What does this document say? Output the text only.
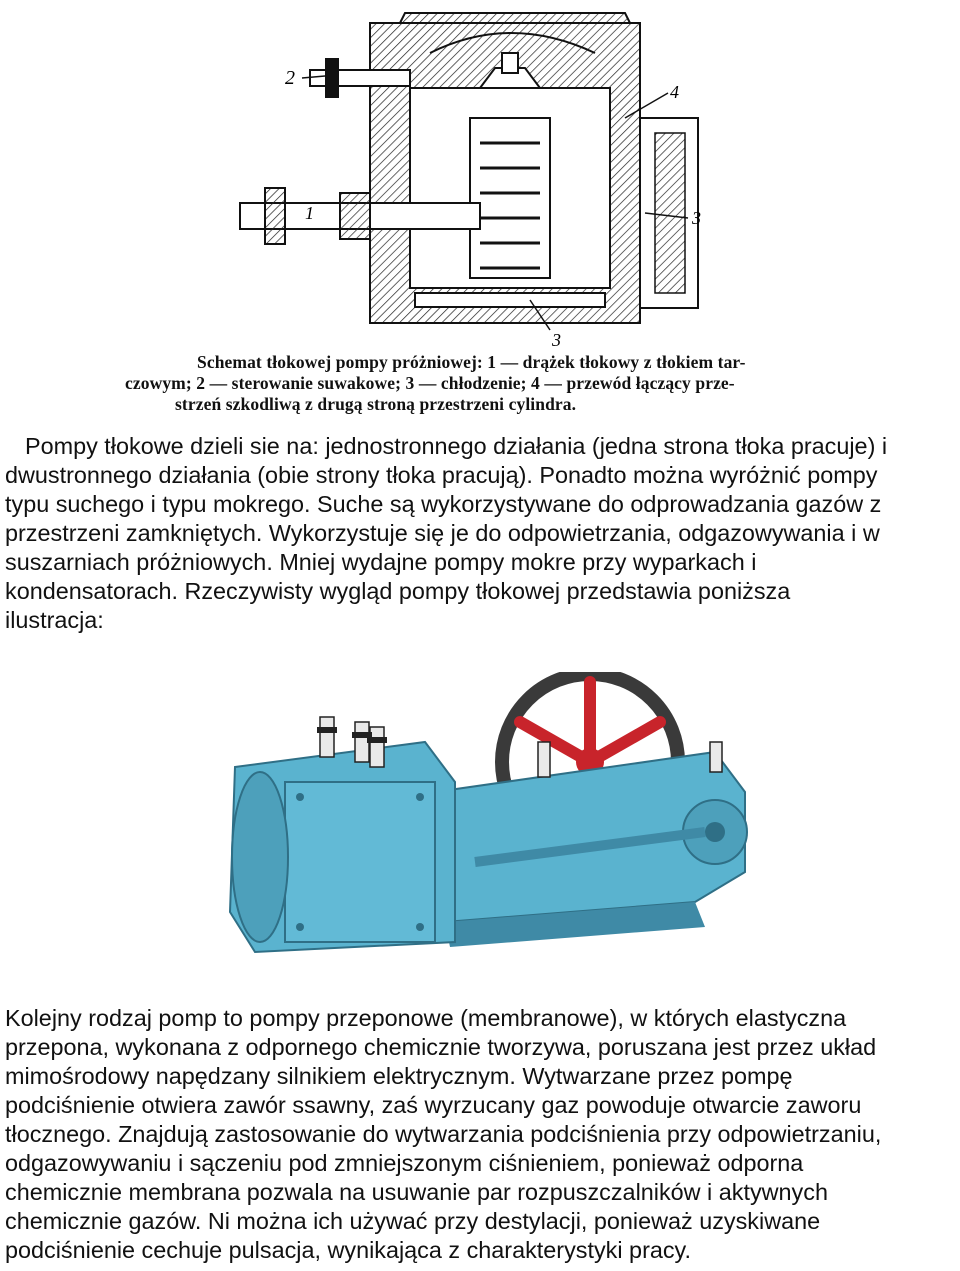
1
2
3
3
4
Schemat tłokowej pompy próżniowej: 1 — drążek tłokowy z tłokiem tar-
czowym; 2 — sterowanie suwakowe; 3 — chłodzenie; 4 — przewód łączący prze-
strzeń szkodliwą z drugą stroną przestrzeni cylindra.
Pompy tłokowe dzieli sie na: jednostronnego działania (jedna strona tłoka pracuje) i
dwustronnego działania (obie strony tłoka pracują). Ponadto można wyróżnić pompy
typu suchego i typu mokrego. Suche są wykorzystywane do odprowadzania gazów z
przestrzeni zamkniętych. Wykorzystuje się je do odpowietrzania, odgazowywania i w
suszarniach próżniowych. Mniej wydajne pompy mokre przy wyparkach i
kondensatorach. Rzeczywisty wygląd pompy tłokowej przedstawia poniższa
ilustracja:
Kolejny rodzaj pomp to pompy przeponowe (membranowe), w których elastyczna
przepona, wykonana z odpornego chemicznie tworzywa, poruszana jest przez układ
mimośrodowy napędzany silnikiem elektrycznym. Wytwarzane przez pompę
podciśnienie otwiera zawór ssawny, zaś wyrzucany gaz powoduje otwarcie zaworu
tłocznego. Znajdują zastosowanie do wytwarzania podciśnienia przy odpowietrzaniu,
odgazowywaniu i sączeniu pod zmniejszonym ciśnieniem, ponieważ odporna
chemicznie membrana pozwala na usuwanie par rozpuszczalników i aktywnych
chemicznie gazów. Ni można ich używać przy destylacji, ponieważ uzyskiwane
podciśnienie cechuje pulsacja, wynikająca z charakterystyki pracy.
